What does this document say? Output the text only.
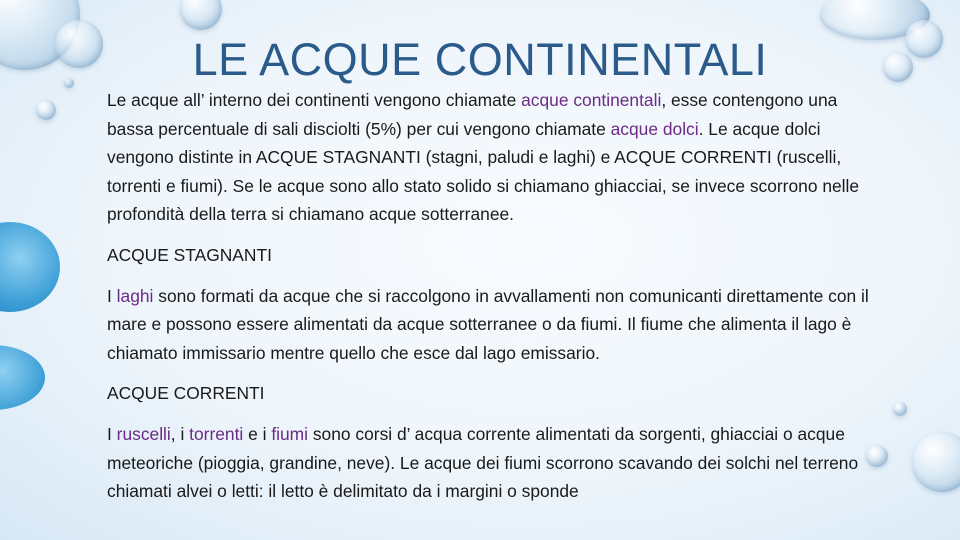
LE ACQUE CONTINENTALI

Le acque all’ interno dei continenti vengono chiamate acque continentali, esse contengono una bassa percentuale di sali disciolti (5%) per cui vengono chiamate acque dolci. Le acque dolci vengono distinte in ACQUE STAGNANTI (stagni, paludi e laghi) e ACQUE CORRENTI (ruscelli, torrenti e fiumi). Se le acque sono allo stato solido si chiamano ghiacciai, se invece scorrono nelle profondità della terra si chiamano acque sotterranee.

ACQUE STAGNANTI

I laghi sono formati da acque che si raccolgono in avvallamenti non comunicanti direttamente con il mare e possono essere alimentati da acque sotterranee o da fiumi. Il fiume che alimenta il lago è chiamato immissario mentre quello che esce dal lago emissario.

ACQUE CORRENTI

I ruscelli, i torrenti e i fiumi sono corsi d’ acqua corrente alimentati da sorgenti, ghiacciai o acque meteoriche (pioggia, grandine, neve). Le acque dei fiumi scorrono scavando dei solchi nel terreno chiamati alvei o letti: il letto è delimitato da i margini o sponde
